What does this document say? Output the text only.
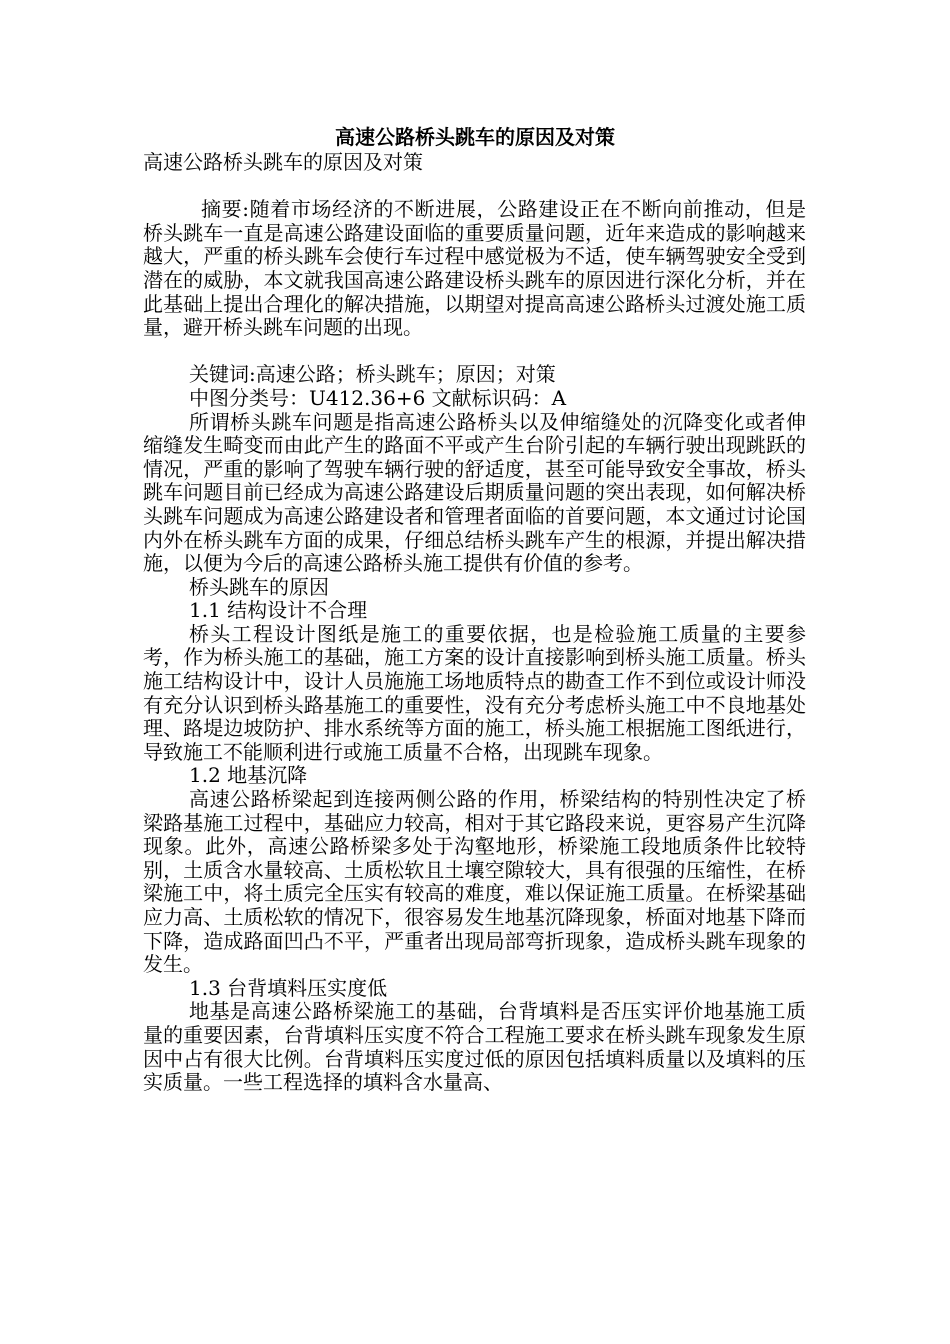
高速公路桥头跳车的原因及对策

高速公路桥头跳车的原因及对策

摘要:随着市场经济的不断进展，公路建设正在不断向前推动，但是桥头跳车一直是高速公路建设面临的重要质量问题，近年来造成的影响越来越大，严重的桥头跳车会使行车过程中感觉极为不适，使车辆驾驶安全受到潜在的威胁，本文就我国高速公路建设桥头跳车的原因进行深化分析，并在此基础上提出合理化的解决措施，以期望对提高高速公路桥头过渡处施工质量，避开桥头跳车问题的出现。

关键词:高速公路；桥头跳车；原因；对策

中图分类号：U412.36+6 文献标识码：A

所谓桥头跳车问题是指高速公路桥头以及伸缩缝处的沉降变化或者伸缩缝发生畸变而由此产生的路面不平或产生台阶引起的车辆行驶出现跳跃的情况，严重的影响了驾驶车辆行驶的舒适度，甚至可能导致安全事故，桥头跳车问题目前已经成为高速公路建设后期质量问题的突出表现，如何解决桥头跳车问题成为高速公路建设者和管理者面临的首要问题，本文通过讨论国内外在桥头跳车方面的成果，仔细总结桥头跳车产生的根源，并提出解决措施，以便为今后的高速公路桥头施工提供有价值的参考。

桥头跳车的原因

1.1 结构设计不合理

桥头工程设计图纸是施工的重要依据，也是检验施工质量的主要参考，作为桥头施工的基础，施工方案的设计直接影响到桥头施工质量。桥头施工结构设计中，设计人员施施工场地质特点的勘查工作不到位或设计师没有充分认识到桥头路基施工的重要性，没有充分考虑桥头施工中不良地基处理、路堤边坡防护、排水系统等方面的施工，桥头施工根据施工图纸进行，导致施工不能顺利进行或施工质量不合格，出现跳车现象。

1.2 地基沉降

高速公路桥梁起到连接两侧公路的作用，桥梁结构的特别性决定了桥梁路基施工过程中，基础应力较高，相对于其它路段来说，更容易产生沉降现象。此外，高速公路桥梁多处于沟壑地形，桥梁施工段地质条件比较特别，土质含水量较高、土质松软且土壤空隙较大，具有很强的压缩性，在桥梁施工中，将土质完全压实有较高的难度，难以保证施工质量。在桥梁基础应力高、土质松软的情况下，很容易发生地基沉降现象，桥面对地基下降而下降，造成路面凹凸不平，严重者出现局部弯折现象，造成桥头跳车现象的发生。

1.3 台背填料压实度低

地基是高速公路桥梁施工的基础，台背填料是否压实评价地基施工质量的重要因素，台背填料压实度不符合工程施工要求在桥头跳车现象发生原因中占有很大比例。台背填料压实度过低的原因包括填料质量以及填料的压实质量。一些工程选择的填料含水量高、
